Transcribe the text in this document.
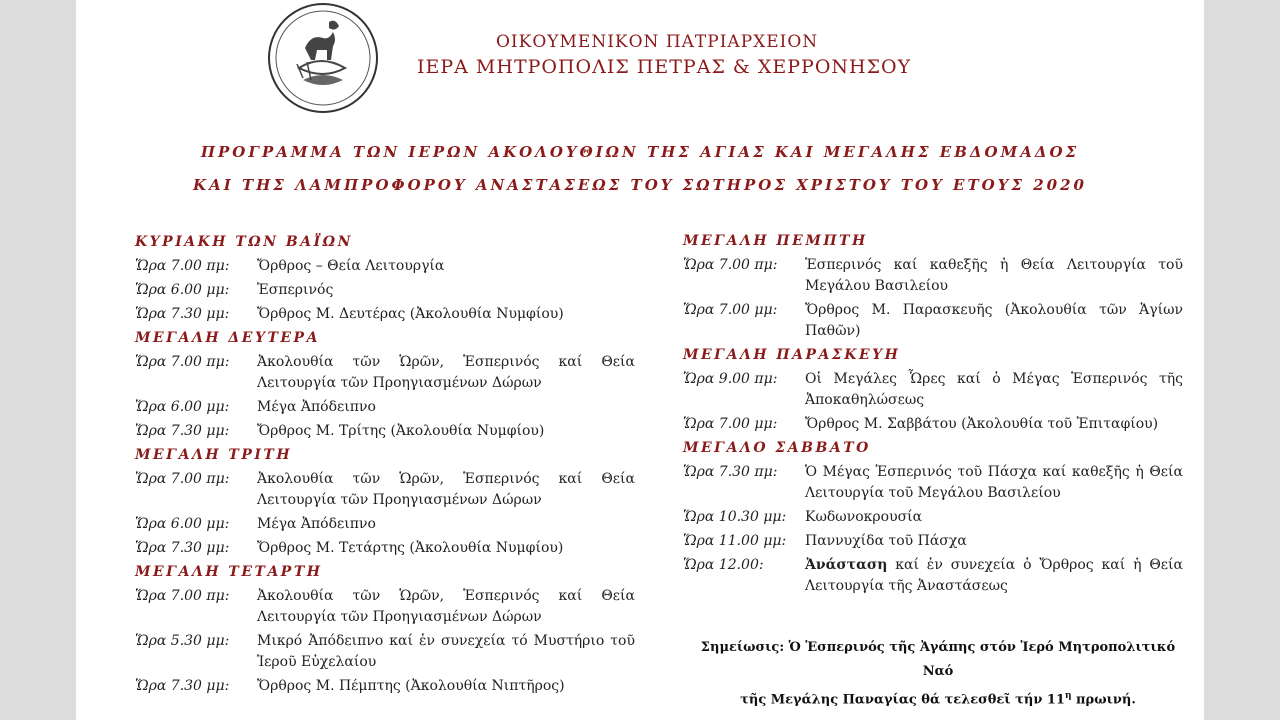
ΟΙΚΟΥΜΕΝΙΚΟΝ ΠΑΤΡΙΑΡΧΕΙΟΝ
ΙΕΡΑ ΜΗΤΡΟΠΟΛΙΣ ΠΕΤΡΑΣ & ΧΕΡΡΟΝΗΣΟΥ
ΠΡΟΓΡΑΜΜΑ ΤΩΝ ΙΕΡΩΝ ΑΚΟΛΟΥΘΙΩΝ ΤΗΣ ΑΓΙΑΣ ΚΑΙ ΜΕΓΑΛΗΣ ΕΒΔΟΜΑΔΟΣ
ΚΑΙ ΤΗΣ ΛΑΜΠΡΟΦΟΡΟΥ ΑΝΑΣΤΑΣΕΩΣ ΤΟΥ ΣΩΤΗΡΟΣ ΧΡΙΣΤΟΥ ΤΟΥ ΕΤΟΥΣ 2020
ΚΥΡΙΑΚΗ ΤΩΝ ΒΑΪΩΝ
Ὥρα 7.00 πμ:	Ὄρθρος – Θεία Λειτουργία
Ὥρα 6.00 μμ:	Ἑσπερινός
Ὥρα 7.30 μμ:	Ὄρθρος Μ. Δευτέρας (Ἀκολουθία Νυμφίου)
ΜΕΓΑΛΗ ΔΕΥΤΕΡΑ
Ὥρα 7.00 πμ:	Ἀκολουθία τῶν Ὡρῶν, Ἑσπερινός καί Θεία Λειτουργία τῶν Προηγιασμένων Δώρων
Ὥρα 6.00 μμ:	Μέγα Ἀπόδειπνο
Ὥρα 7.30 μμ:	Ὄρθρος Μ. Τρίτης (Ἀκολουθία Νυμφίου)
ΜΕΓΑΛΗ ΤΡΙΤΗ
Ὥρα 7.00 πμ:	Ἀκολουθία τῶν Ὡρῶν, Ἑσπερινός καί Θεία Λειτουργία τῶν Προηγιασμένων Δώρων
Ὥρα 6.00 μμ:	Μέγα Ἀπόδειπνο
Ὥρα 7.30 μμ:	Ὄρθρος Μ. Τετάρτης (Ἀκολουθία Νυμφίου)
ΜΕΓΑΛΗ ΤΕΤΑΡΤΗ
Ὥρα 7.00 πμ:	Ἀκολουθία τῶν Ὡρῶν, Ἑσπερινός καί Θεία Λειτουργία τῶν Προηγιασμένων Δώρων
Ὥρα 5.30 μμ:	Μικρό Ἀπόδειπνο καί ἐν συνεχεία τό Μυστήριο τοῦ Ἱεροῦ Εὐχελαίου
Ὥρα 7.30 μμ:	Ὄρθρος Μ. Πέμπτης (Ἀκολουθία Νιπτῆρος)
ΜΕΓΑΛΗ ΠΕΜΠΤΗ
Ὥρα 7.00 πμ:	Ἑσπερινός καί καθεξῆς ἡ Θεία Λειτουργία τοῦ Μεγάλου Βασιλείου
Ὥρα 7.00 μμ:	Ὄρθρος Μ. Παρασκευῆς (Ἀκολουθία τῶν Ἁγίων Παθῶν)
ΜΕΓΑΛΗ ΠΑΡΑΣΚΕΥΗ
Ὥρα 9.00 πμ:	Οἱ Μεγάλες Ὧρες καί ὁ Μέγας Ἑσπερινός τῆς Ἀποκαθηλώσεως
Ὥρα 7.00 μμ:	Ὄρθρος Μ. Σαββάτου (Ἀκολουθία τοῦ Ἐπιταφίου)
ΜΕΓΑΛΟ ΣΑΒΒΑΤΟ
Ὥρα 7.30 πμ:	Ὁ Μέγας Ἑσπερινός τοῦ Πάσχα καί καθεξῆς ἡ Θεία Λειτουργία τοῦ Μεγάλου Βασιλείου
Ὥρα 10.30 μμ:	Κωδωνοκρουσία
Ὥρα 11.00 μμ:	Παννυχίδα τοῦ Πάσχα
Ὥρα 12.00:	Ἀνάσταση καί ἐν συνεχεία ὁ Ὄρθρος καί ἡ Θεία Λειτουργία τῆς Ἀναστάσεως
Σημείωσις: Ὁ Ἑσπερινός τῆς Ἀγάπης στόν Ἱερό Μητροπολιτικό Ναό
τῆς Μεγάλης Παναγίας θά τελεσθεῖ τήν $11^\eta$ πρωινή.
